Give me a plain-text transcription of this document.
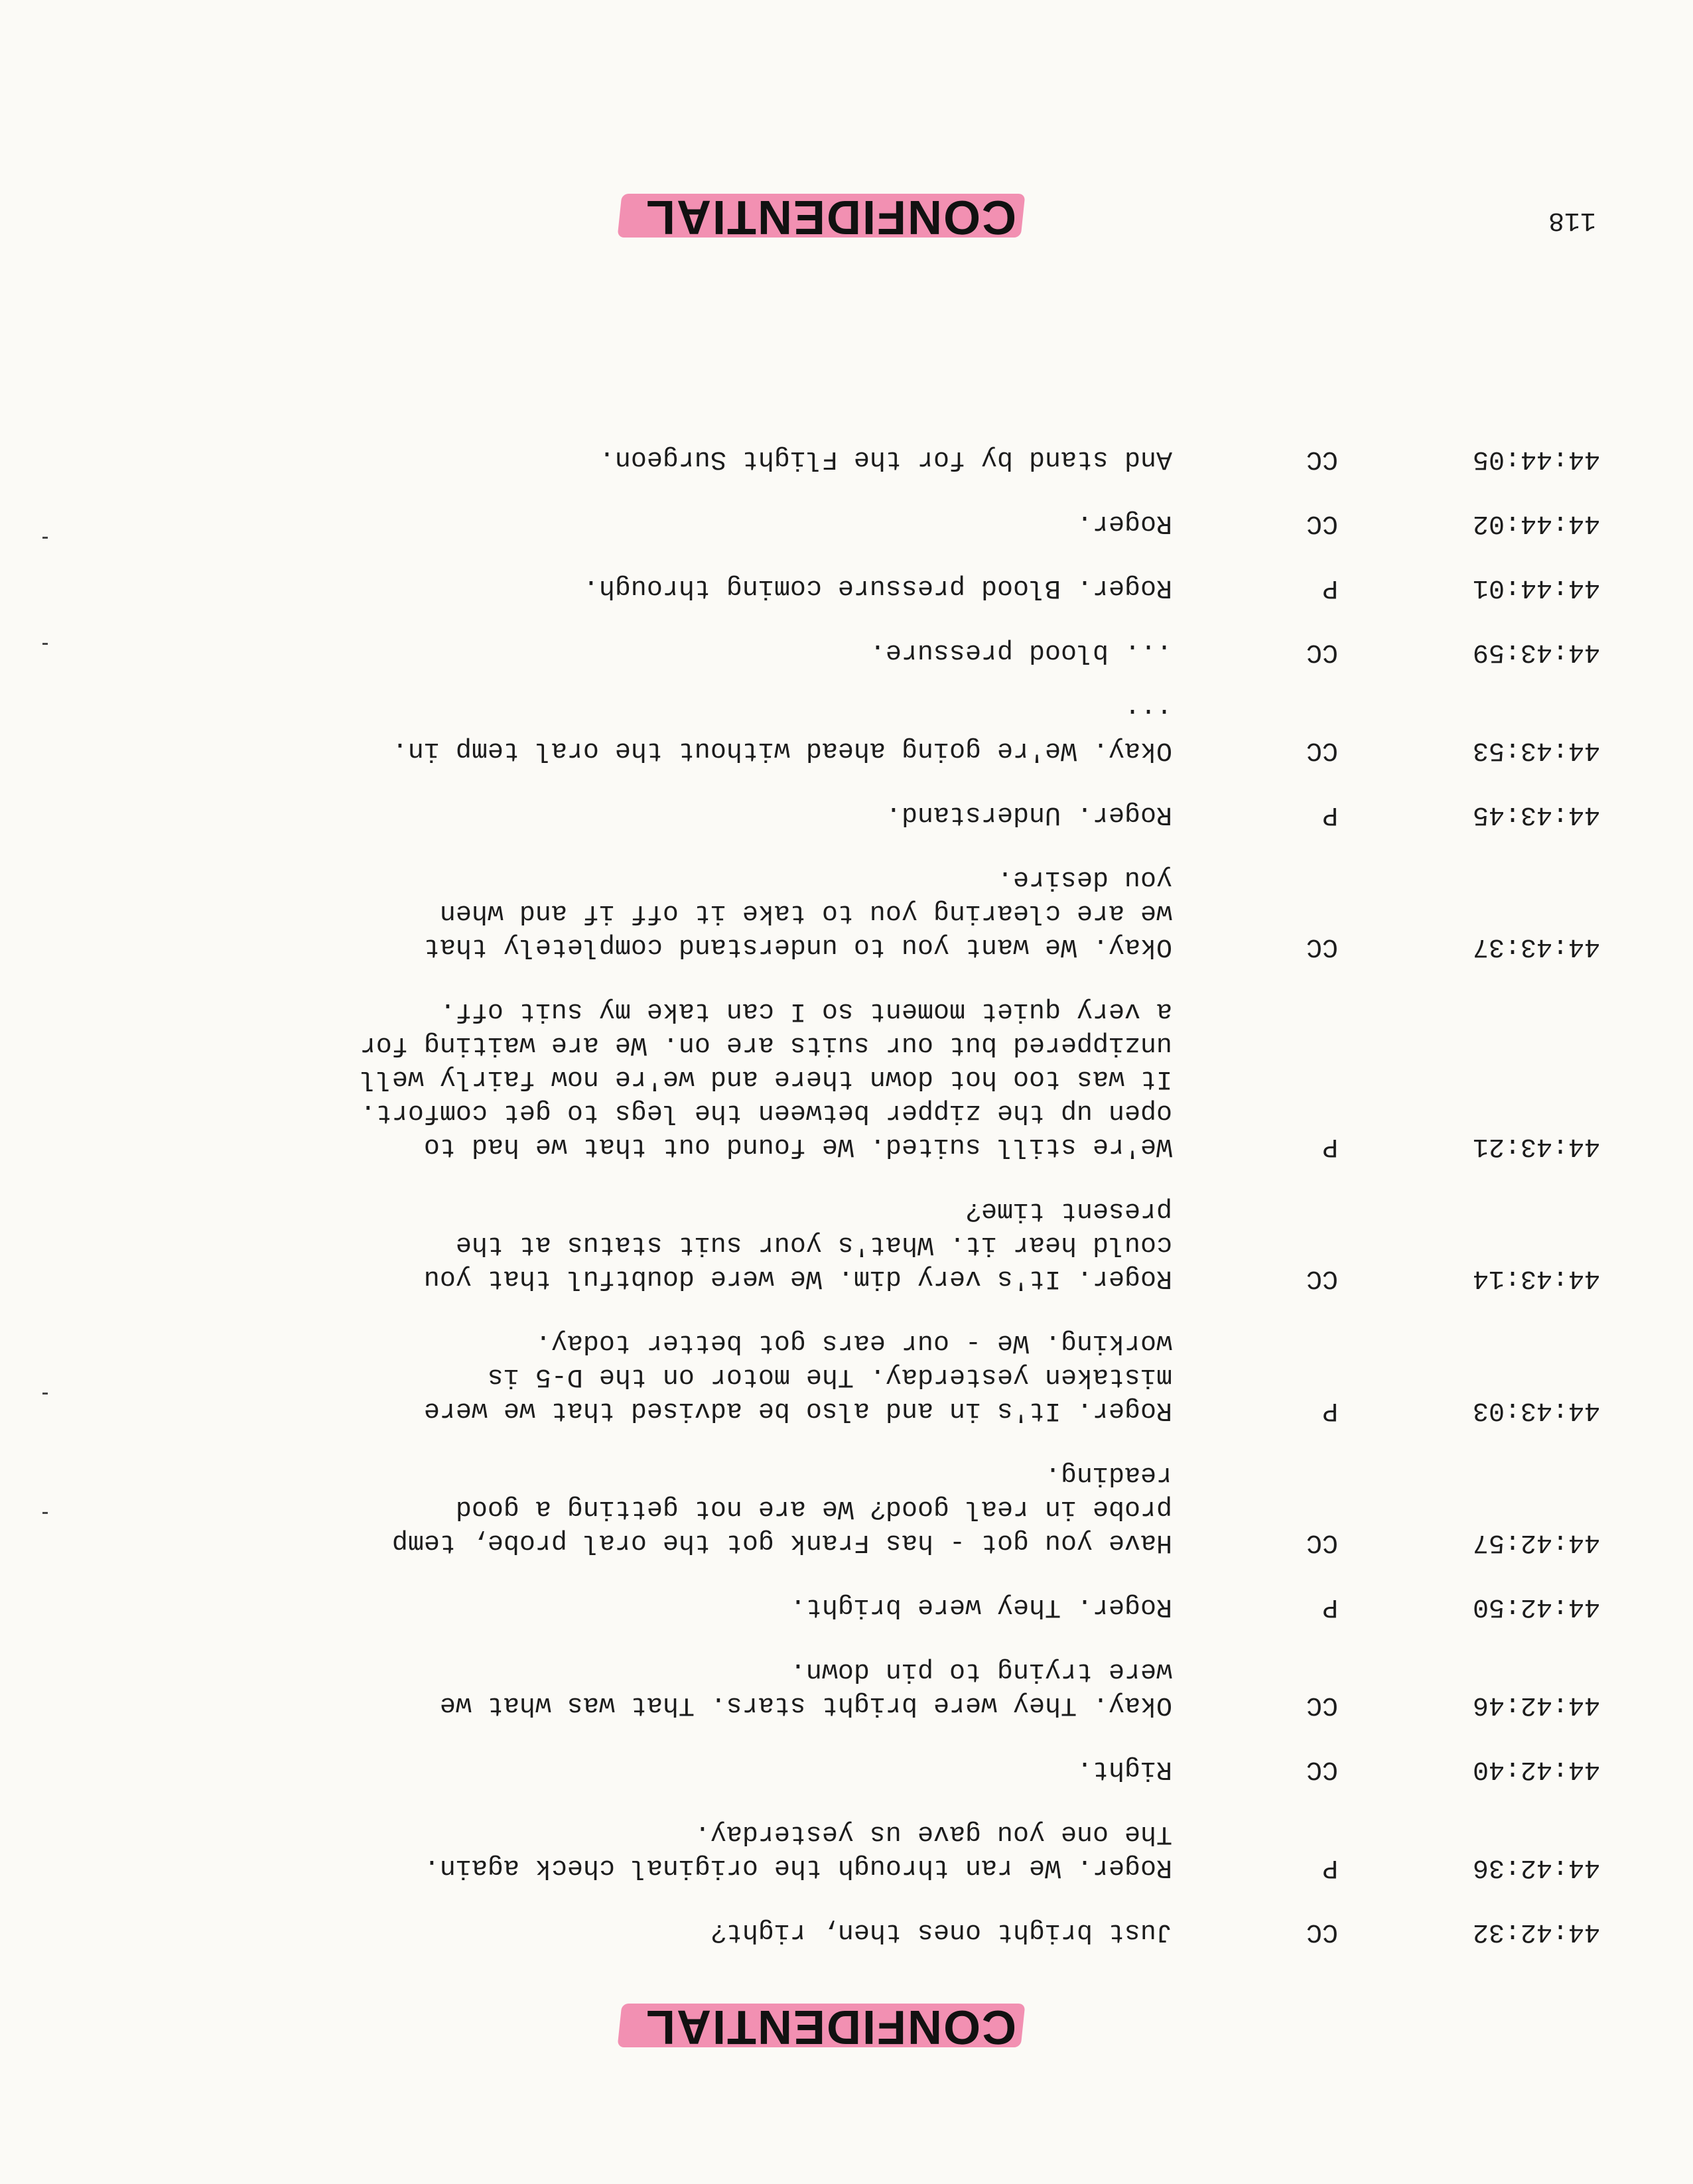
CONFIDENTIAL
118
44:42:32
CC
Just bright ones then, right?
44:42:36
P
Roger. We ran through the original check again.
The one you gave us yesterday.
44:42:40
CC
Right.
44:42:46
CC
Okay. They were bright stars. That was what we
were trying to pin down.
44:42:50
P
Roger. They were bright.
44:42:57
CC
Have you got - has Frank got the oral probe, temp
probe in real good? We are not getting a good
reading.
44:43:03
P
Roger. It's in and also be advised that we were
mistaken yesterday. The motor on the D-5 is
working. We - our ears got better today.
44:43:14
CC
Roger. It's very dim. We were doubtful that you
could hear it. What's your suit status at the
present time?
44:43:21
P
We're still suited. We found out that we had to
open up the zipper between the legs to get comfort.
It was too hot down there and we're now fairly well
unzippered but our suits are on. We are waiting for
a very quiet moment so I can take my suit off.
44:43:37
CC
Okay. We want you to understand completely that
we are clearing you to take it off if and when
you desire.
44:43:45
P
Roger. Understand.
44:43:53
CC
Okay. We're going ahead without the oral temp in.
...
44:43:59
CC
... blood pressure.
44:44:01
P
Roger. Blood pressure coming through.
44:44:02
CC
Roger.
44:44:05
CC
And stand by for the Flight Surgeon.
CONFIDENTIAL
